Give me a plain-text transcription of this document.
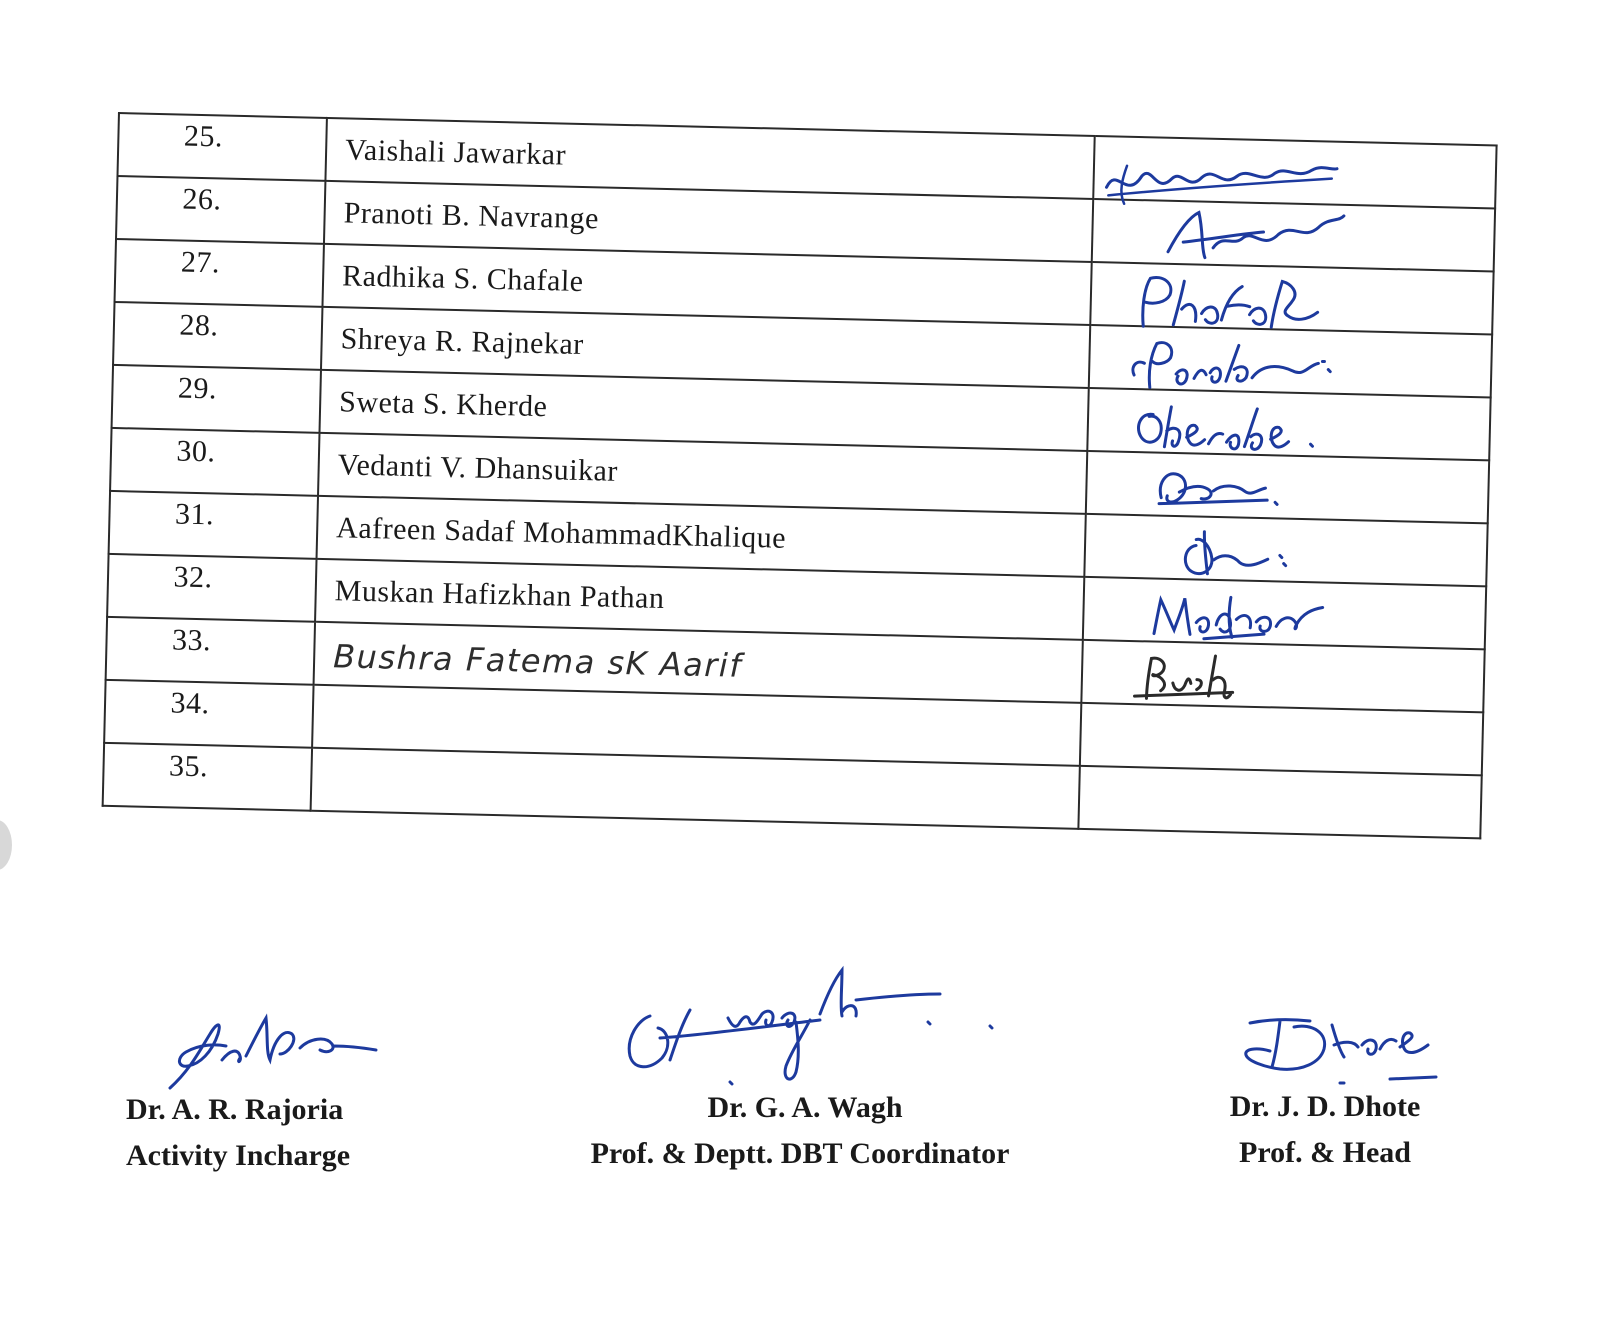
25.	Vaishali Jawarkar	

26.	Pranoti B. Navrange	

27.	Radhika S. Chafale	

28.	Shreya R. Rajnekar	

29.	Sweta S. Kherde	

30.	Vedanti V. Dhansuikar	

31.	Aafreen Sadaf MohammadKhalique	

32.	Muskan Hafizkhan Pathan	

33.	Bushra Fatema sK Aarif	

34.		
35.		
Dr. A. R. Rajoria
Activity Incharge
Dr. G. A. Wagh
Prof. & Deptt. DBT Coordinator
Dr. J. D. Dhote
Prof. & Head
